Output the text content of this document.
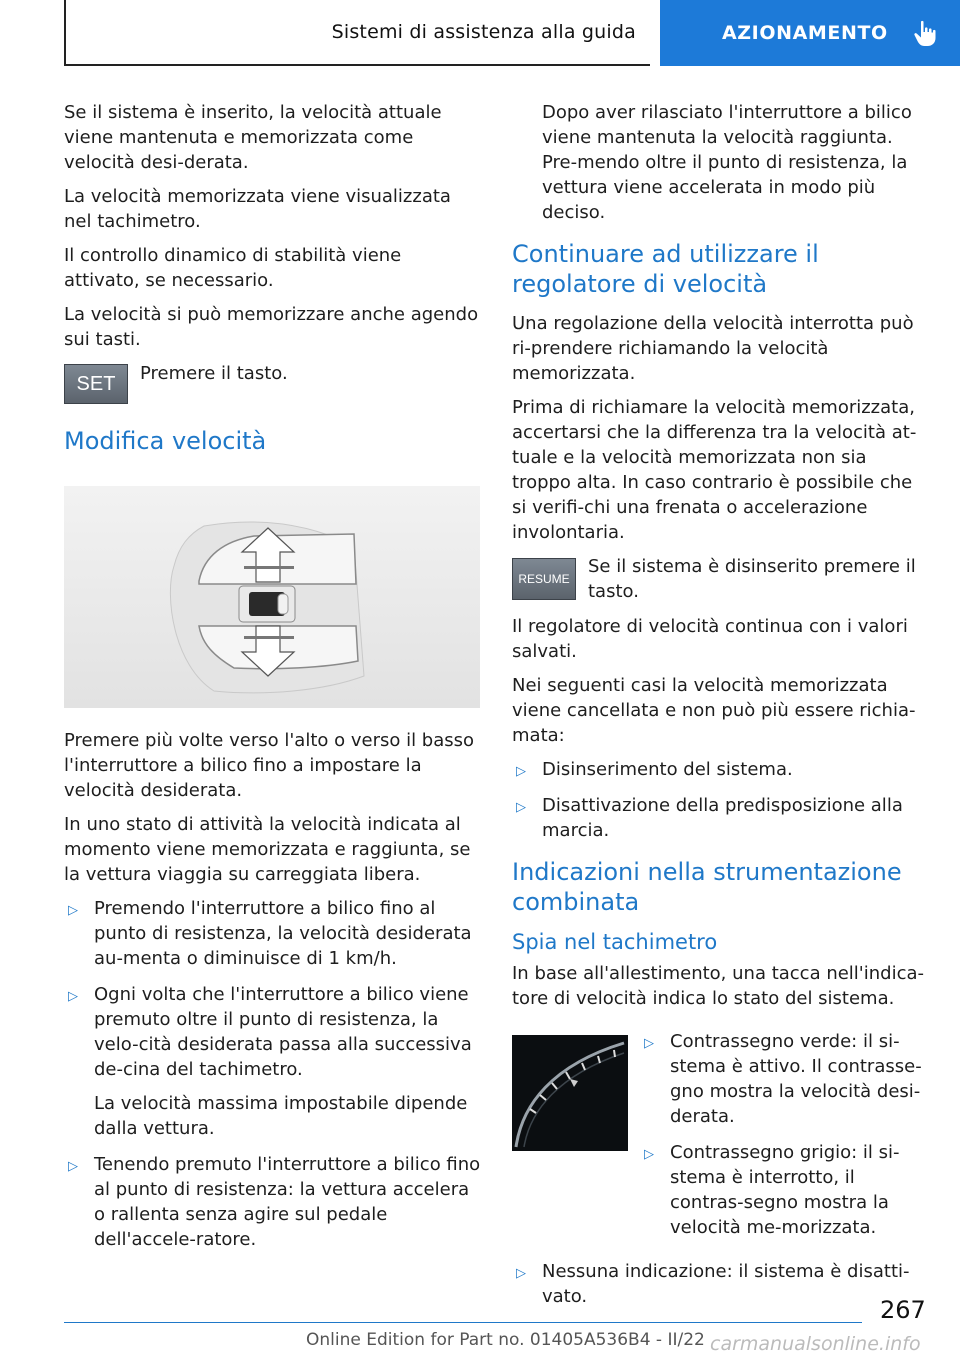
Sistemi di assistenza alla guida	AZIONAMENTO

Se il sistema è inserito, la velocità attuale viene mantenuta e memorizzata come velocità desi-derata.

La velocità memorizzata viene visualizzata nel tachimetro.

Il controllo dinamico di stabilità viene attivato, se necessario.

La velocità si può memorizzare anche agendo sui tasti.

SET	Premere il tasto.

Modifica velocità

Premere più volte verso l'alto o verso il basso l'interruttore a bilico fino a impostare la velocità desiderata.

In uno stato di attività la velocità indicata al momento viene memorizzata e raggiunta, se la vettura viaggia su carreggiata libera.

▷ Premendo l'interruttore a bilico fino al punto di resistenza, la velocità desiderata au-menta o diminuisce di 1 km/h.
▷ Ogni volta che l'interruttore a bilico viene premuto oltre il punto di resistenza, la velo-cità desiderata passa alla successiva de-cina del tachimetro.
La velocità massima impostabile dipende dalla vettura.
▷ Tenendo premuto l'interruttore a bilico fino al punto di resistenza: la vettura accelera o rallenta senza agire sul pedale dell'accele-ratore.

Dopo aver rilasciato l'interruttore a bilico viene mantenuta la velocità raggiunta. Pre-mendo oltre il punto di resistenza, la vettura viene accelerata in modo più deciso.

Continuare ad utilizzare il regolatore di velocità

Una regolazione della velocità interrotta può ri-prendere richiamando la velocità memorizzata.

Prima di richiamare la velocità memorizzata, accertarsi che la differenza tra la velocità at-tuale e la velocità memorizzata non sia troppo alta. In caso contrario è possibile che si verifi-chi una frenata o accelerazione involontaria.

RESUME

Se il sistema è disinserito premere il tasto.

Il regolatore di velocità continua con i valori salvati.

Nei seguenti casi la velocità memorizzata viene cancellata e non può più essere richia-mata:

▷ Disinserimento del sistema.
▷ Disattivazione della predisposizione alla marcia.
Indicazioni nella strumentazione combinata
Spia nel tachimetro

In base all'allestimento, una tacca nell'indica-tore di velocità indica lo stato del sistema.

▷ Contrassegno verde: il si-stema è attivo. Il contrasse-gno mostra la velocità desi-derata.
▷ Contrassegno grigio: il si-stema è interrotto, il contras-segno mostra la velocità me-morizzata.
▷ Nessuna indicazione: il sistema è disatti-vato.	267
Online Edition for Part no. 01405A536B4 - II/22 carmanualsonline.info
